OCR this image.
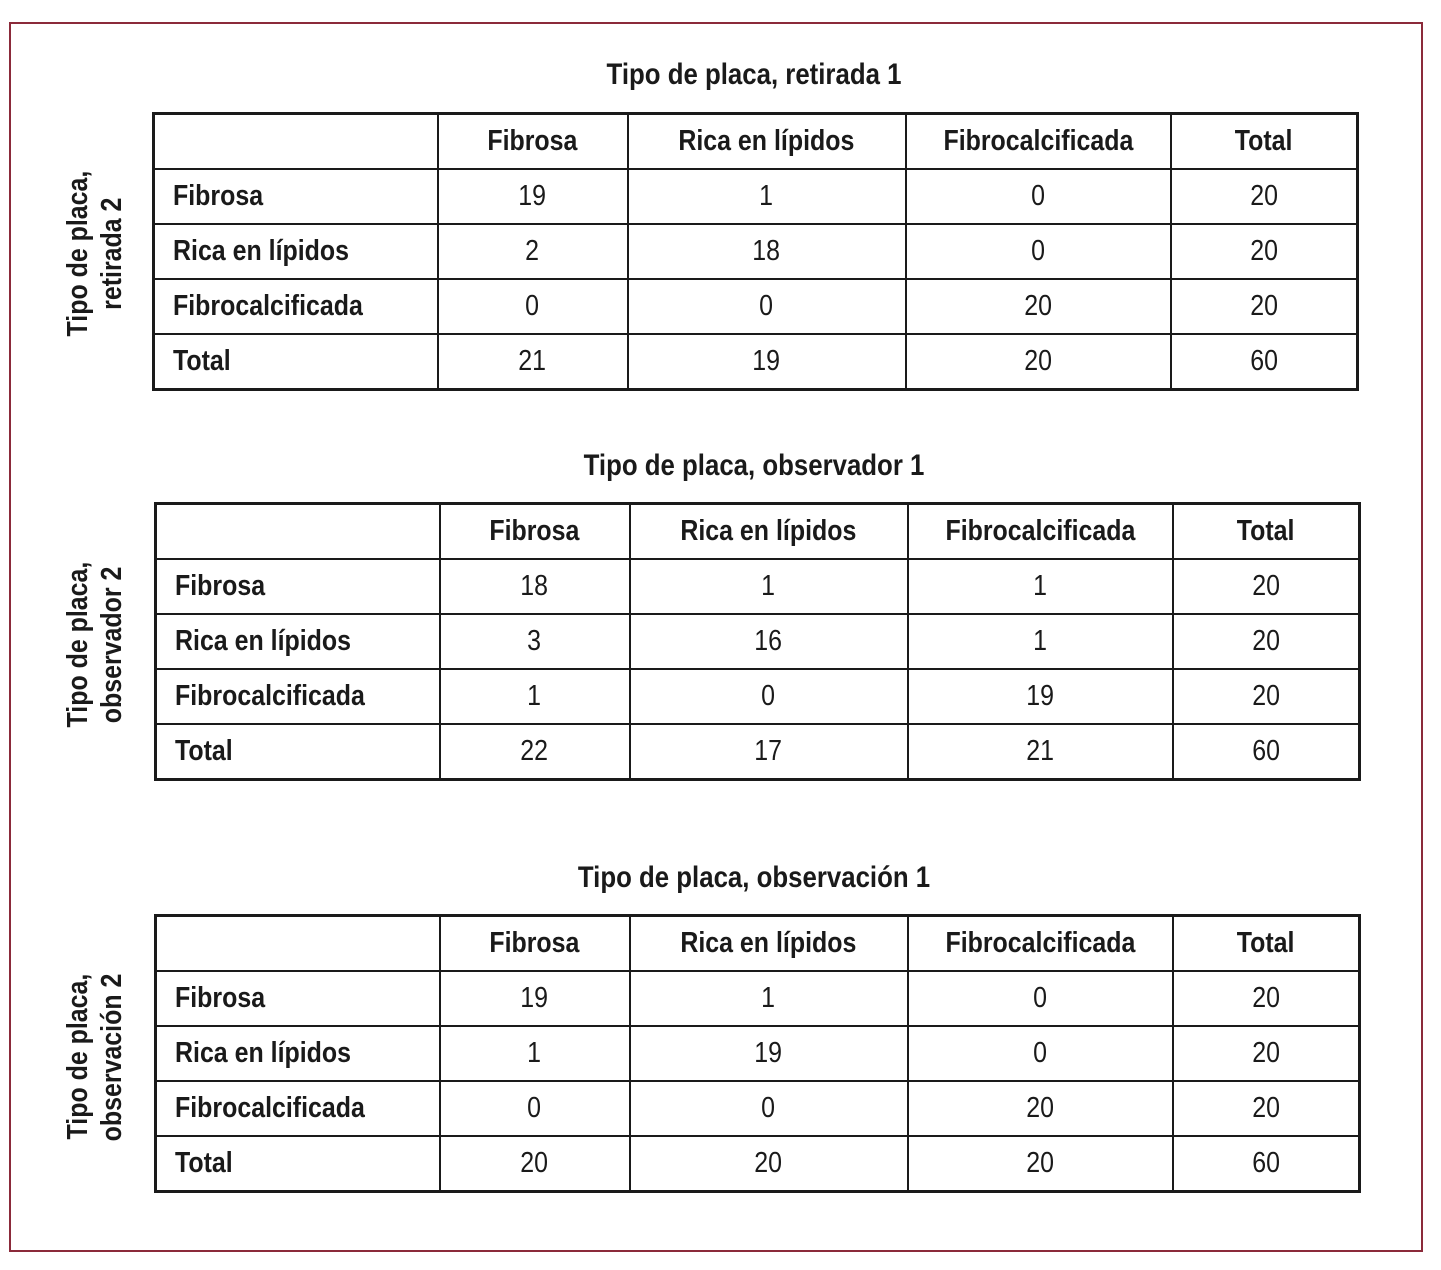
Tipo de placa, retirada 1
Tipo de placa, retirada 2
	Fibrosa	Rica en lípidos	Fibrocalcificada	Total
Fibrosa	19	1	0	20
Rica en lípidos	2	18	0	20
Fibrocalcificada	0	0	20	20
Total	21	19	20	60
Tipo de placa, observador 1
Tipo de placa, observador 2
	Fibrosa	Rica en lípidos	Fibrocalcificada	Total
Fibrosa	18	1	1	20
Rica en lípidos	3	16	1	20
Fibrocalcificada	1	0	19	20
Total	22	17	21	60
Tipo de placa, observación 1
Tipo de placa, observación 2
	Fibrosa	Rica en lípidos	Fibrocalcificada	Total
Fibrosa	19	1	0	20
Rica en lípidos	1	19	0	20
Fibrocalcificada	0	0	20	20
Total	20	20	20	60
